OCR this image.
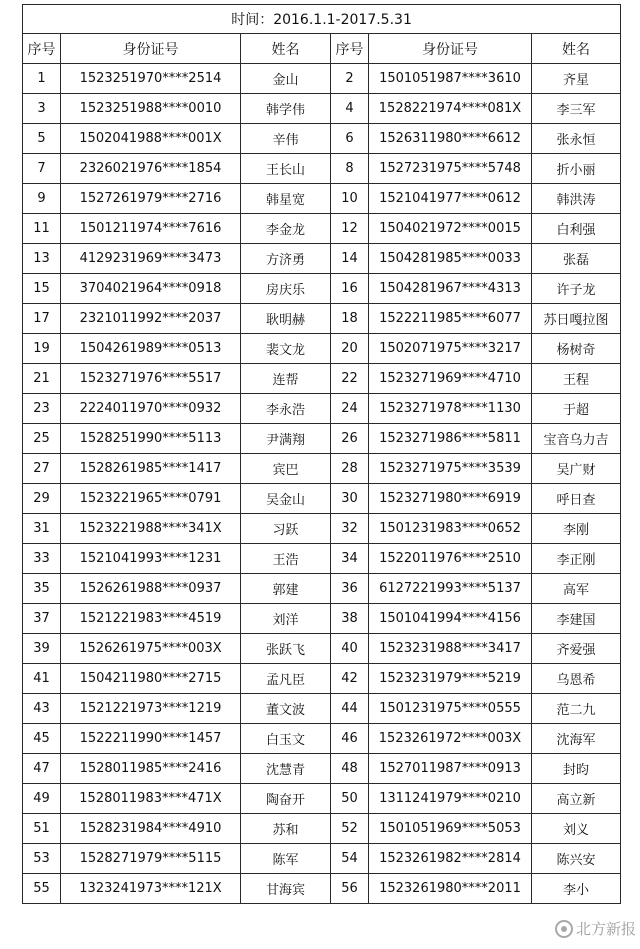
时间：2016.1.1-2017.5.31					
序号	身份证号	姓名	序号	身份证号	姓名
1	1523251970****2514	金山	2	1501051987****3610	齐星
3	1523251988****0010	韩学伟	4	1528221974****081X	李三军
5	1502041988****001X	辛伟	6	1526311980****6612	张永恒
7	2326021976****1854	王长山	8	1527231975****5748	折小丽
9	1527261979****2716	韩星宽	10	1521041977****0612	韩洪涛
11	1501211974****7616	李金龙	12	1504021972****0015	白利强
13	4129231969****3473	方济勇	14	1504281985****0033	张磊
15	3704021964****0918	房庆乐	16	1504281967****4313	许子龙
17	2321011992****2037	耿明赫	18	1522211985****6077	苏日嘎拉图
19	1504261989****0513	裴文龙	20	1502071975****3217	杨树奇
21	1523271976****5517	连帮	22	1523271969****4710	王程
23	2224011970****0932	李永浩	24	1523271978****1130	于超
25	1528251990****5113	尹满翔	26	1523271986****5811	宝音乌力吉
27	1528261985****1417	宾巴	28	1523271975****3539	吴广财
29	1523221965****0791	吴金山	30	1523271980****6919	呼日查
31	1523221988****341X	习跃	32	1501231983****0652	李刚
33	1521041993****1231	王浩	34	1522011976****2510	李正刚
35	1526261988****0937	郭建	36	6127221993****5137	高军
37	1521221983****4519	刘洋	38	1501041994****4156	李建国
39	1526261975****003X	张跃飞	40	1523231988****3417	齐爱强
41	1504211980****2715	孟凡臣	42	1523231979****5219	乌恩希
43	1521221973****1219	董文波	44	1501231975****0555	范二九
45	1522211990****1457	白玉文	46	1523261972****003X	沈海军
47	1528011985****2416	沈慧青	48	1527011987****0913	封昀
49	1528011983****471X	陶奋开	50	1311241979****0210	高立新
51	1528231984****4910	苏和	52	1501051969****5053	刘义
53	1528271979****5115	陈军	54	1523261982****2814	陈兴安
55	1323241973****121X	甘海宾	56	1523261980****2011	李小
北方新报
